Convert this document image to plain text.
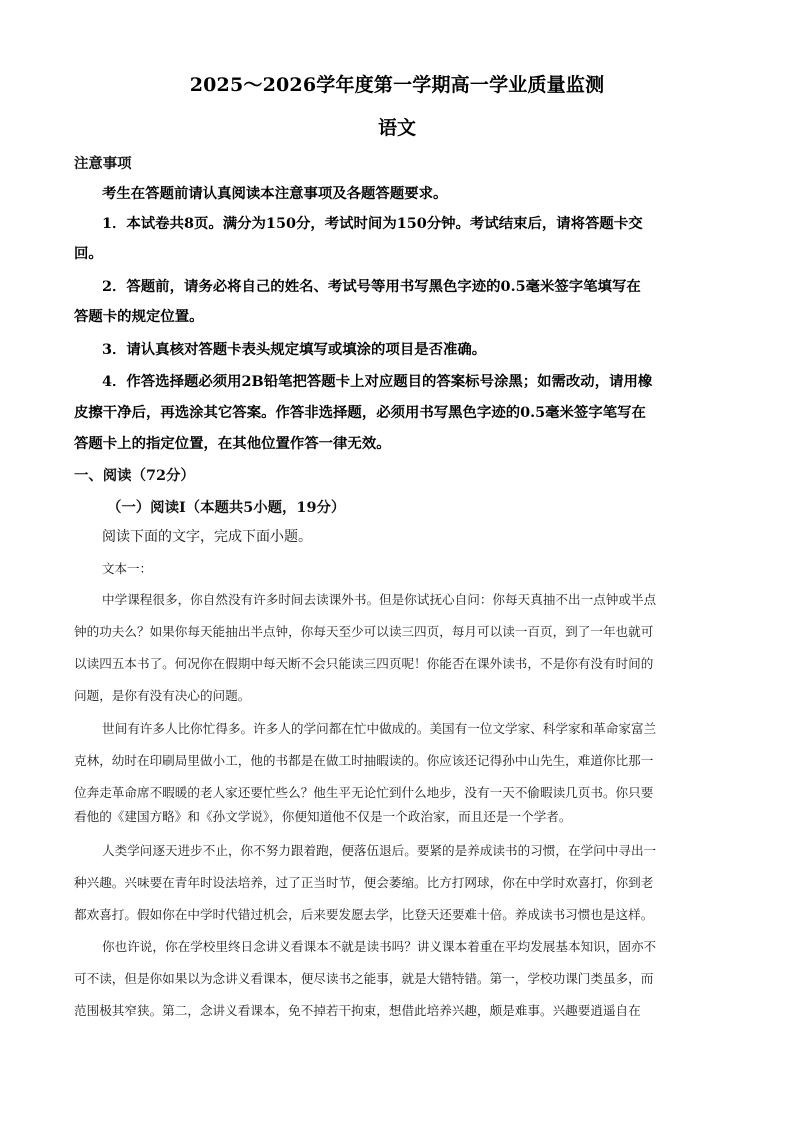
2025～2026学年度第一学期高一学业质量监测
语文
注意事项
考生在答题前请认真阅读本注意事项及各题答题要求。
1．本试卷共8页。满分为150分，考试时间为150分钟。考试结束后，请将答题卡交
回。
2．答题前，请务必将自己的姓名、考试号等用书写黑色字迹的0.5毫米签字笔填写在
答题卡的规定位置。
3．请认真核对答题卡表头规定填写或填涂的项目是否准确。
4．作答选择题必须用2B铅笔把答题卡上对应题目的答案标号涂黑；如需改动，请用橡
皮擦干净后，再选涂其它答案。作答非选择题，必须用书写黑色字迹的0.5毫米签字笔写在
答题卡上的指定位置，在其他位置作答一律无效。
一、阅读（72分）
（一）阅读Ⅰ（本题共5小题，19分）
阅读下面的文字，完成下面小题。
文本一：
中学课程很多，你自然没有许多时间去读课外书。但是你试抚心自问：你每天真抽不出一点钟或半点
钟的功夫么？如果你每天能抽出半点钟，你每天至少可以读三四页，每月可以读一百页，到了一年也就可
以读四五本书了。何况你在假期中每天断不会只能读三四页呢！你能否在课外读书，不是你有没有时间的
问题，是你有没有决心的问题。
世间有许多人比你忙得多。许多人的学问都在忙中做成的。美国有一位文学家、科学家和革命家富兰
克林，幼时在印刷局里做小工，他的书都是在做工时抽暇读的。你应该还记得孙中山先生，难道你比那一
位奔走革命席不暇暖的老人家还要忙些么？他生平无论忙到什么地步，没有一天不偷暇读几页书。你只要
看他的《建国方略》和《孙文学说》，你便知道他不仅是一个政治家，而且还是一个学者。
人类学问逐天进步不止，你不努力跟着跑，便落伍退后。要紧的是养成读书的习惯，在学问中寻出一
种兴趣。兴味要在青年时设法培养，过了正当时节，便会萎缩。比方打网球，你在中学时欢喜打，你到老
都欢喜打。假如你在中学时代错过机会，后来要发愿去学，比登天还要难十倍。养成读书习惯也是这样。
你也许说，你在学校里终日念讲义看课本不就是读书吗？讲义课本着重在平均发展基本知识，固亦不
可不读，但是你如果以为念讲义看课本，便尽读书之能事，就是大错特错。第一，学校功课门类虽多，而
范围极其窄狭。第二，念讲义看课本，免不掉若干拘束，想借此培养兴趣，颇是难事。兴趣要逍遥自在
